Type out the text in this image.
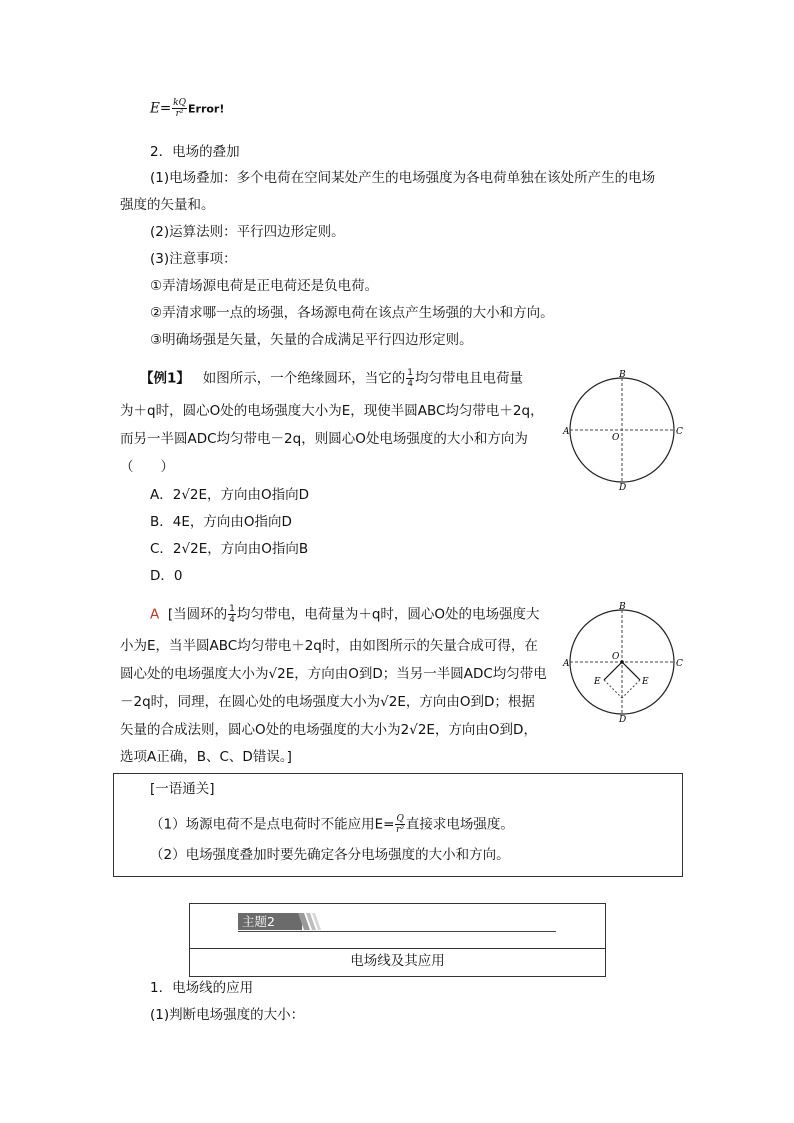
$E= \frac{kQ}{\text{r²}}$ Error!
2．电场的叠加
(1)电场叠加：多个电荷在空间某处产生的电场强度为各电荷单独在该处所产生的电场
强度的矢量和。
(2)运算法则：平行四边形定则。
(3)注意事项：
①弄清场源电荷是正电荷还是负电荷。
②弄清求哪一点的场强，各场源电荷在该点产生场强的大小和方向。
③明确场强是矢量，矢量的合成满足平行四边形定则。
【例1】 如图所示，一个绝缘圆环，当它的 $\frac{1}{4}$ 均匀带电且电荷量
为＋q时，圆心O处的电场强度大小为E，现使半圆ABC均匀带电＋2q，
而另一半圆ADC均匀带电－2q，则圆心O处电场强度的大小和方向为
（　　）
A．2√2E，方向由O指向D
B．4E，方向由O指向D
C．2√2E，方向由O指向B
D．0
B
C
D
A
O
A [当圆环的 $\frac{1}{4}$ 均匀带电，电荷量为＋q时，圆心O处的电场强度大
小为E，当半圆ABC均匀带电＋2q时，由如图所示的矢量合成可得，在
圆心处的电场强度大小为√2E，方向由O到D；当另一半圆ADC均匀带电
－2q时，同理，在圆心处的电场强度大小为√2E，方向由O到D；根据
矢量的合成法则，圆心O处的电场强度的大小为2√2E，方向由O到D，
选项A正确，B、C、D错误。]
B
C
D
A
O
E	E
[一语通关]
（1）场源电荷不是点电荷时不能应用$E= \frac{Q}{\text{r²}}$ 直接求电场强度。
（2）电场强度叠加时要先确定各分电场强度的大小和方向。
主题2
电场线及其应用
1．电场线的应用
(1)判断电场强度的大小：
